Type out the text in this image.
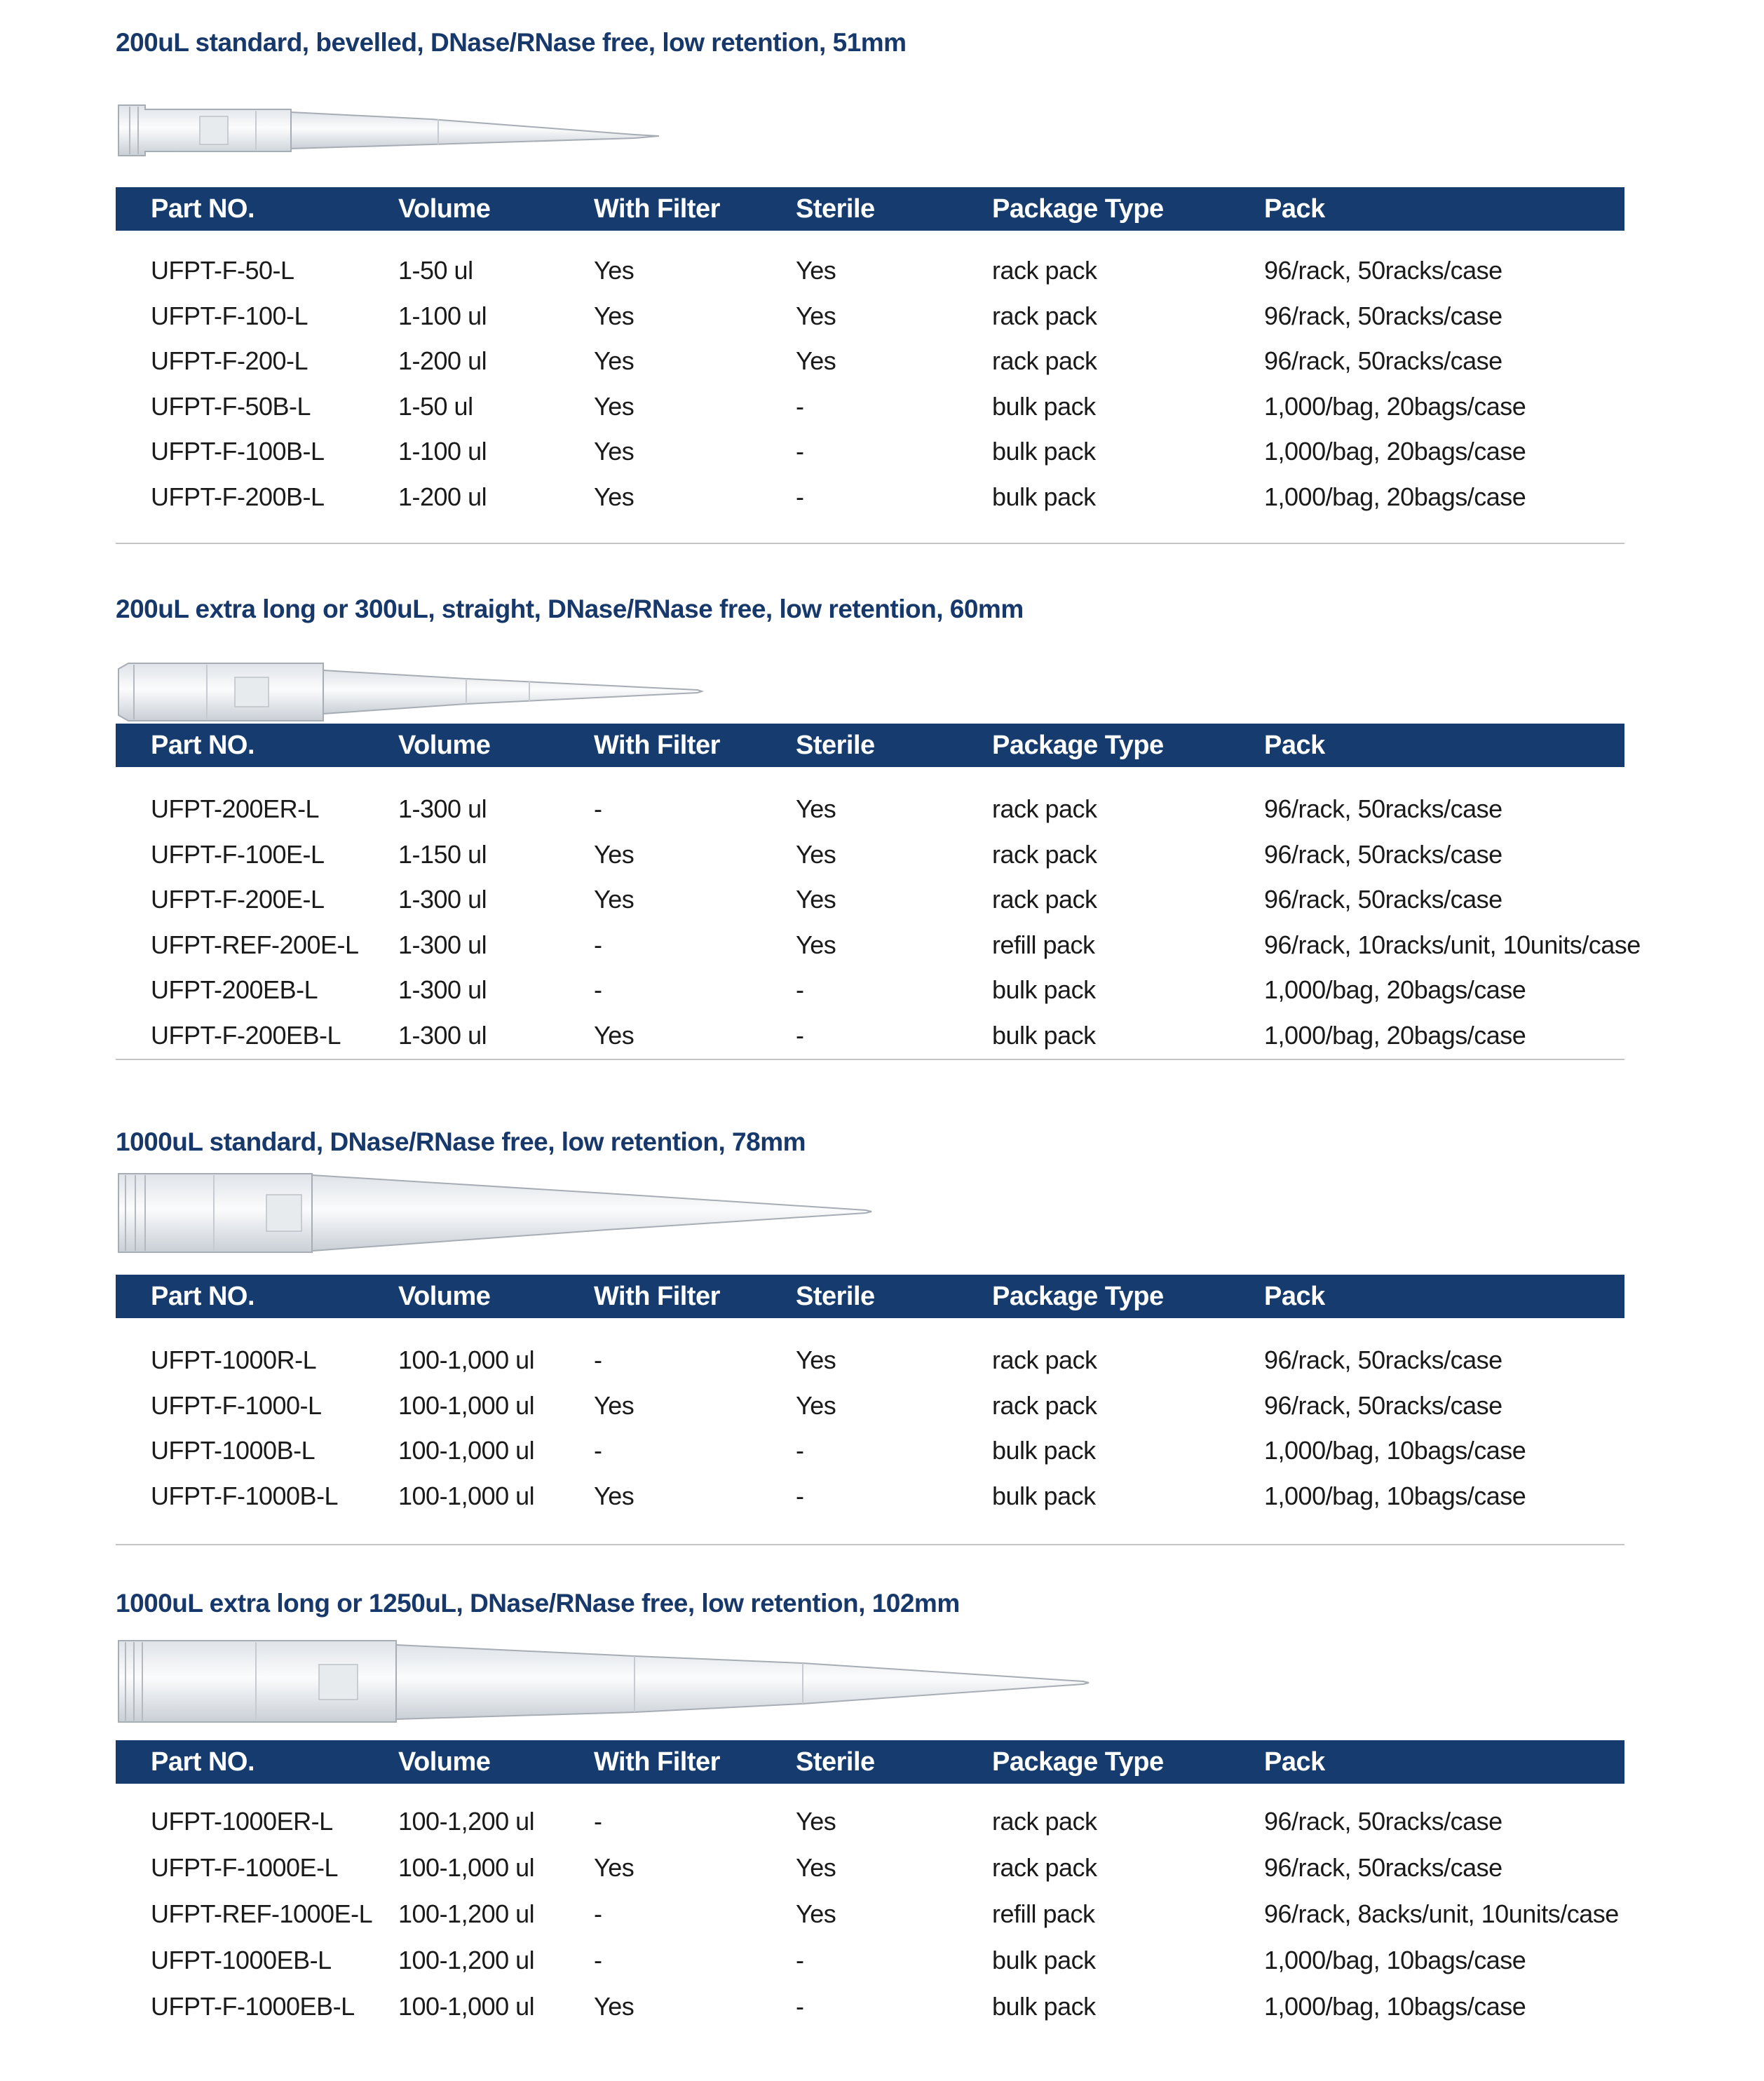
200uL standard, bevelled, DNase/RNase free, low retention, 51mm
Part NO.	Volume	With Filter	Sterile	Package Type	Pack
UFPT-F-50-L	1-50 ul	Yes	Yes	rack pack	96/rack, 50racks/case
UFPT-F-100-L	1-100 ul	Yes	Yes	rack pack	96/rack, 50racks/case
UFPT-F-200-L	1-200 ul	Yes	Yes	rack pack	96/rack, 50racks/case
UFPT-F-50B-L	1-50 ul	Yes	-	bulk pack	1,000/bag, 20bags/case
UFPT-F-100B-L	1-100 ul	Yes	-	bulk pack	1,000/bag, 20bags/case
UFPT-F-200B-L	1-200 ul	Yes	-	bulk pack	1,000/bag, 20bags/case
200uL extra long or 300uL, straight, DNase/RNase free, low retention, 60mm
Part NO.	Volume	With Filter	Sterile	Package Type	Pack
UFPT-200ER-L	1-300 ul	-	Yes	rack pack	96/rack, 50racks/case
UFPT-F-100E-L	1-150 ul	Yes	Yes	rack pack	96/rack, 50racks/case
UFPT-F-200E-L	1-300 ul	Yes	Yes	rack pack	96/rack, 50racks/case
UFPT-REF-200E-L 1-300 ul	-	Yes	refill pack	96/rack, 10racks/unit, 10units/case
UFPT-200EB-L	1-300 ul	-	-	bulk pack	1,000/bag, 20bags/case
UFPT-F-200EB-L 1-300 ul	Yes	-	bulk pack	1,000/bag, 20bags/case
1000uL standard, DNase/RNase free, low retention, 78mm
Part NO.	Volume	With Filter	Sterile	Package Type	Pack
UFPT-1000R-L	100-1,000 ul -	Yes	rack pack	96/rack, 50racks/case
UFPT-F-1000-L	100-1,000 ul Yes	Yes	rack pack	96/rack, 50racks/case
UFPT-1000B-L	100-1,000 ul -	-	bulk pack	1,000/bag, 10bags/case
UFPT-F-1000B-L 100-1,000 ul Yes	-	bulk pack	1,000/bag, 10bags/case
1000uL extra long or 1250uL, DNase/RNase free, low retention, 102mm
Part NO.	Volume	With Filter	Sterile	Package Type	Pack
UFPT-1000ER-L	100-1,200 ul -	Yes	rack pack	96/rack, 50racks/case
UFPT-F-1000E-L 100-1,000 ul Yes	Yes	rack pack	96/rack, 50racks/case
UFPT-REF-1000E-L 100-1,200 ul -	Yes	refill pack	96/rack, 8acks/unit, 10units/case
UFPT-1000EB-L	100-1,200 ul -	-	bulk pack	1,000/bag, 10bags/case
UFPT-F-1000EB-L 100-1,000 ul Yes	-	bulk pack	1,000/bag, 10bags/case
